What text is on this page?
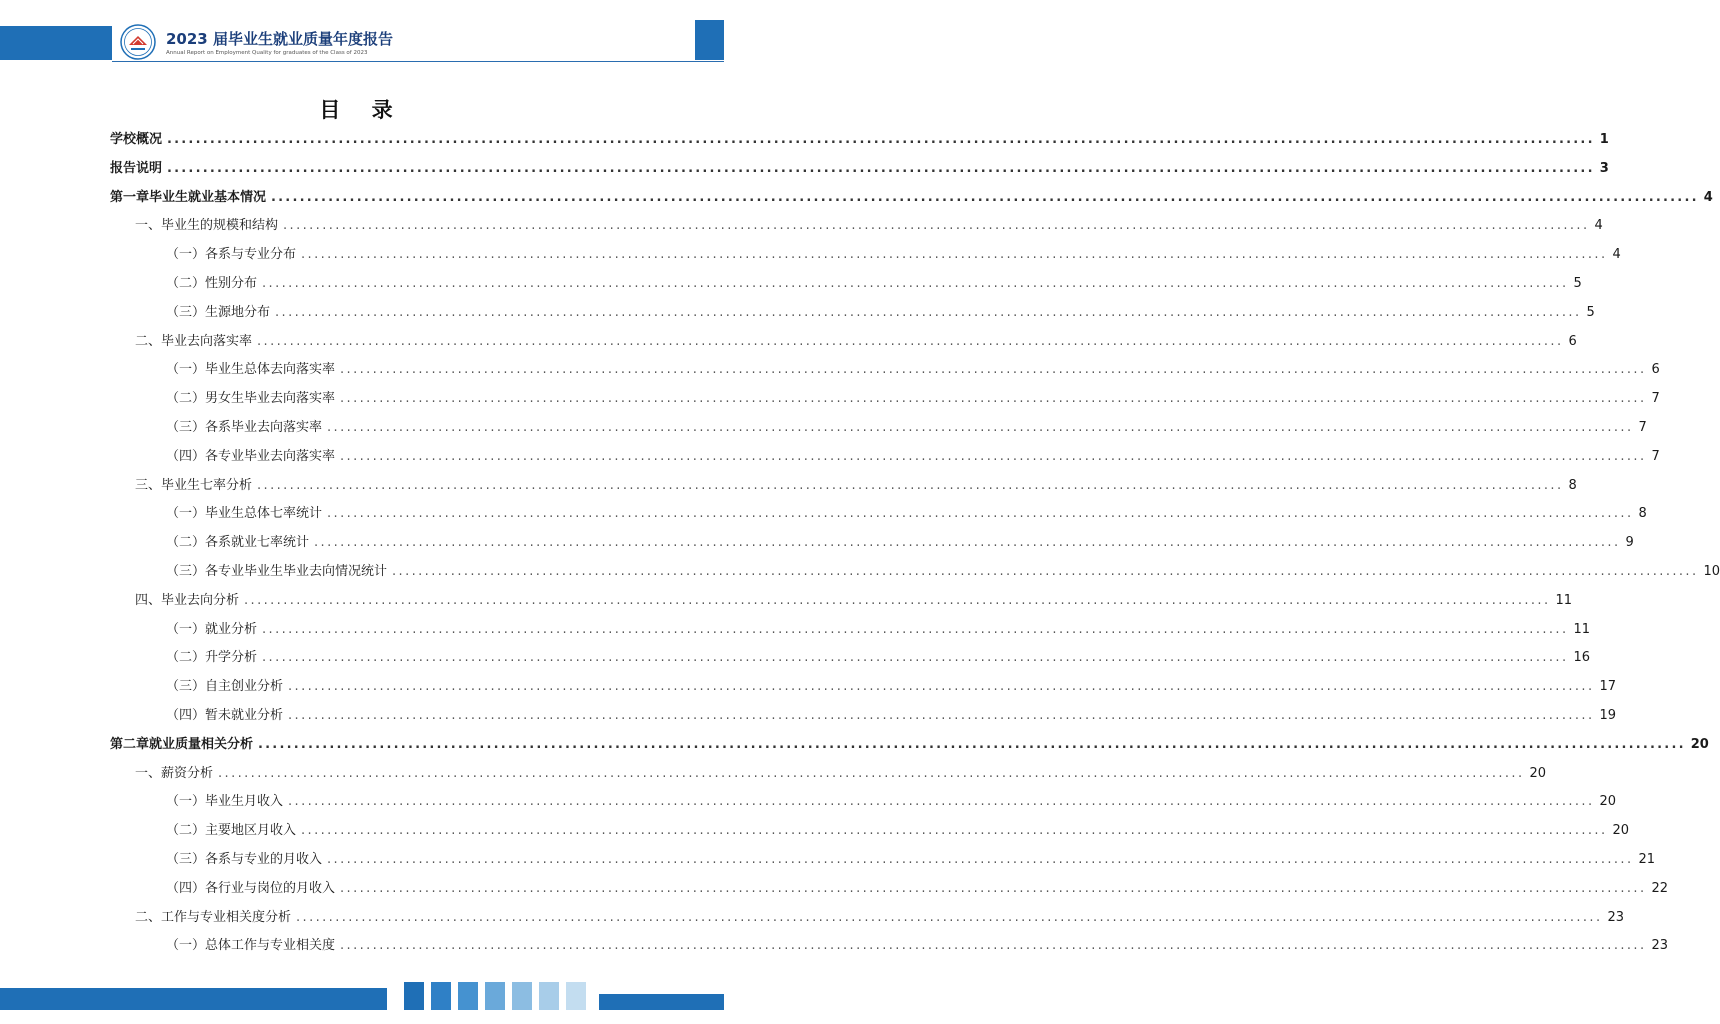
2023 届毕业生就业质量年度报告
Annual Report on Employment Quality for graduates of the Class of 2023
目 录
学校概况 ........................................................................................................................................................................................................ 1
报告说明 ........................................................................................................................................................................................................ 3
第一章 毕业生就业基本情况 ........................................................................................................................................................................................................ 4
一、毕业生的规模和结构 ........................................................................................................................................................................................................ 4
（一）各系与专业分布 ........................................................................................................................................................................................................ 4
（二）性别分布 ........................................................................................................................................................................................................ 5
（三）生源地分布 ........................................................................................................................................................................................................ 5
二、毕业去向落实率 ........................................................................................................................................................................................................ 6
（一）毕业生总体去向落实率 ........................................................................................................................................................................................................ 6
（二）男女生毕业去向落实率 ........................................................................................................................................................................................................ 7
（三）各系毕业去向落实率 ........................................................................................................................................................................................................ 7
（四）各专业毕业去向落实率 ........................................................................................................................................................................................................ 7
三、毕业生七率分析 ........................................................................................................................................................................................................ 8
（一）毕业生总体七率统计 ........................................................................................................................................................................................................ 8
（二）各系就业七率统计 ........................................................................................................................................................................................................ 9
（三）各专业毕业生毕业去向情况统计 ........................................................................................................................................................................................................ 10
四、毕业去向分析 ........................................................................................................................................................................................................ 11
（一）就业分析 ........................................................................................................................................................................................................ 11
（二）升学分析 ........................................................................................................................................................................................................ 16
（三）自主创业分析 ........................................................................................................................................................................................................ 17
（四）暂未就业分析 ........................................................................................................................................................................................................ 19
第二章 就业质量相关分析 ........................................................................................................................................................................................................ 20
一、薪资分析 ........................................................................................................................................................................................................ 20
（一）毕业生月收入 ........................................................................................................................................................................................................ 20
（二）主要地区月收入 ........................................................................................................................................................................................................ 20
（三）各系与专业的月收入 ........................................................................................................................................................................................................ 21
（四）各行业与岗位的月收入 ........................................................................................................................................................................................................ 22
二、工作与专业相关度分析 ........................................................................................................................................................................................................ 23
（一）总体工作与专业相关度 ........................................................................................................................................................................................................ 23
